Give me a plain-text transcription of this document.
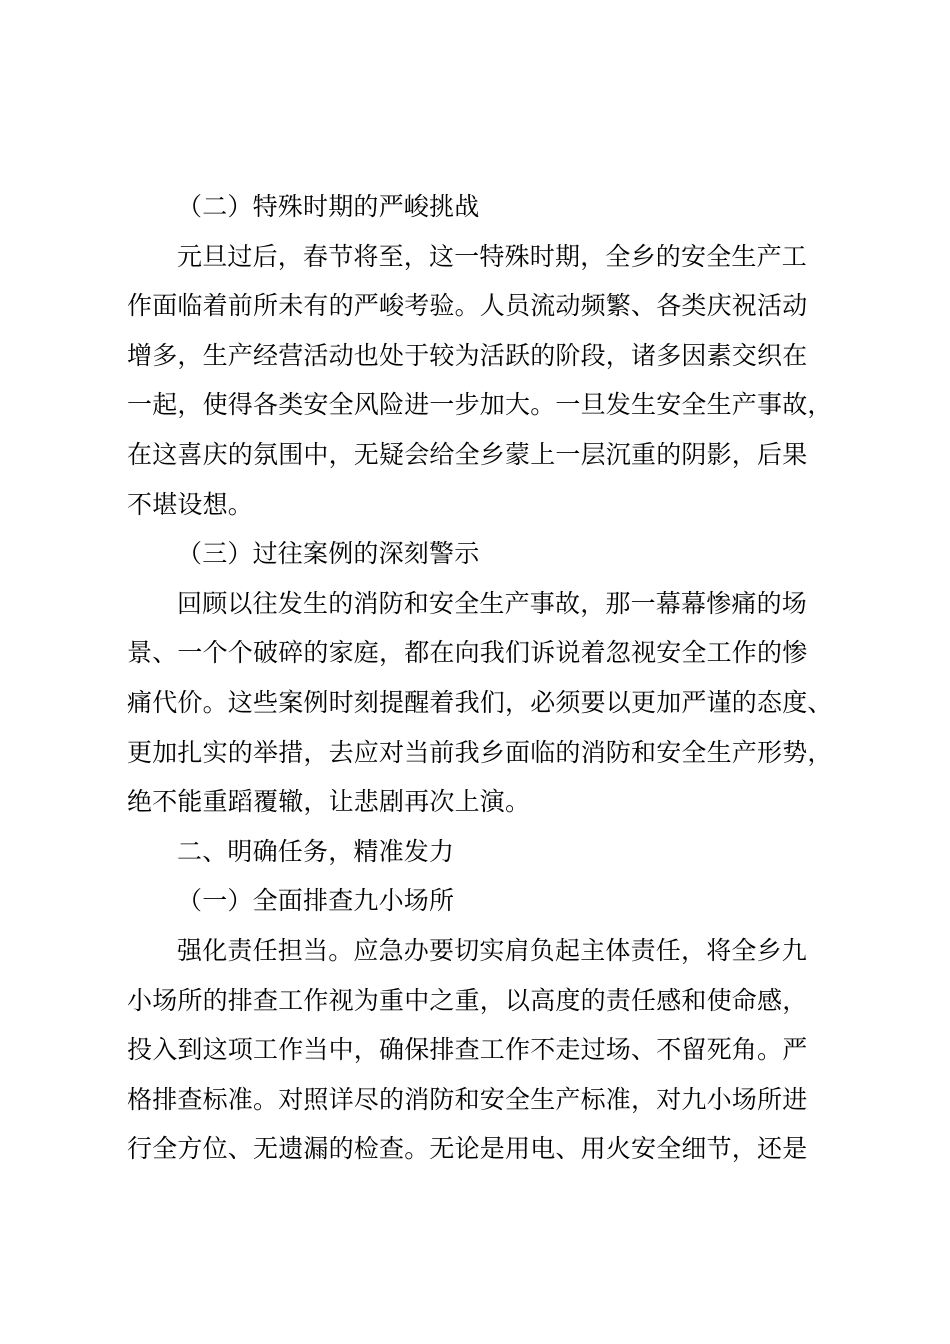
（二）特殊时期的严峻挑战
元旦过后，春节将至，这一特殊时期，全乡的安全生产工
作面临着前所未有的严峻考验。人员流动频繁、各类庆祝活动
增多，生产经营活动也处于较为活跃的阶段，诸多因素交织在
一起，使得各类安全风险进一步加大。一旦发生安全生产事故，
在这喜庆的氛围中，无疑会给全乡蒙上一层沉重的阴影，后果
不堪设想。
（三）过往案例的深刻警示
回顾以往发生的消防和安全生产事故，那一幕幕惨痛的场
景、一个个破碎的家庭，都在向我们诉说着忽视安全工作的惨
痛代价。这些案例时刻提醒着我们，必须要以更加严谨的态度、
更加扎实的举措，去应对当前我乡面临的消防和安全生产形势，
绝不能重蹈覆辙，让悲剧再次上演。
二、明确任务，精准发力
（一）全面排查九小场所
强化责任担当。应急办要切实肩负起主体责任，将全乡九
小场所的排查工作视为重中之重，以高度的责任感和使命感，
投入到这项工作当中，确保排查工作不走过场、不留死角。严
格排查标准。对照详尽的消防和安全生产标准，对九小场所进
行全方位、无遗漏的检查。无论是用电、用火安全细节，还是
